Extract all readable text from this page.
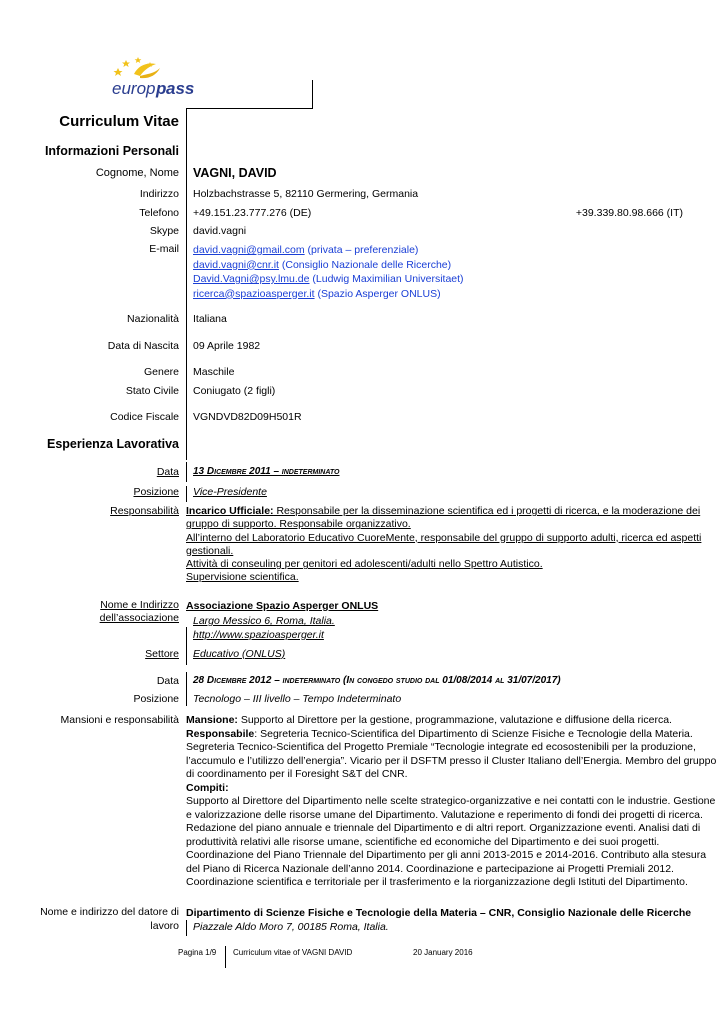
europ p ass
Curriculum Vitae
Informazioni Personali
Cognome, Nome VAGNI, DAVID
Indirizzo Holzbachstrasse 5, 82110 Germering, Germania
Telefono +49.151.23.777.276 (DE)	+39.339.80.98.666 (IT)
Skype david.vagni
E-mail david.vagni@gmail.com (privata – preferenziale)
david.vagni@cnr.it (Consiglio Nazionale delle Ricerche)
David.Vagni@psy.lmu.de (Ludwig Maximilian Universitaet)
ricerca@spazioasperger.it (Spazio Asperger ONLUS)
Nazionalità Italiana
Data di Nascita 09 Aprile 1982
Genere Maschile
Stato Civile Coniugato (2 figli)
Codice Fiscale VGNDVD82D09H501R
Esperienza Lavorativa
Data 13 Dicembre 2011 – indeterminato
Posizione Vice-Presidente
Responsabilità Incarico Ufficiale: Responsabile per la disseminazione scientifica ed i progetti di ricerca, e la moderazione dei
gruppo di supporto. Responsabile organizzativo.
All’interno del Laboratorio Educativo CuoreMente, responsabile del gruppo di supporto adulti, ricerca ed aspetti
gestionali.
Attività di conseuling per genitori ed adolescenti/adulti nello Spettro Autistico.
Supervisione scientifica.
Nome e Indirizzo
dell’associazione
Associazione Spazio Asperger ONLUS
Largo Messico 6, Roma, Italia.
http://www.spazioasperger.it
Settore Educativo (ONLUS)
Data 28 Dicembre 2012 – indeterminato (In congedo studio dal 01/08/2014 al 31/07/2017)
Posizione Tecnologo – III livello – Tempo Indeterminato
Mansioni e responsabilità Mansione: Supporto al Direttore per la gestione, programmazione, valutazione e diffusione della ricerca.
Responsabile: Segreteria Tecnico-Scientifica del Dipartimento di Scienze Fisiche e Tecnologie della Materia.
Segreteria Tecnico-Scientifica del Progetto Premiale “Tecnologie integrate ed ecosostenibili per la produzione,
l’accumulo e l’utilizzo dell’energia”. Vicario per il DSFTM presso il Cluster Italiano dell’Energia. Membro del gruppo
di coordinamento per il Foresight S&T del CNR.
Compiti:
Supporto al Direttore del Dipartimento nelle scelte strategico-organizzative e nei contatti con le industrie. Gestione
e valorizzazione delle risorse umane del Dipartimento. Valutazione e reperimento di fondi dei progetti di ricerca.
Redazione del piano annuale e triennale del Dipartimento e di altri report. Organizzazione eventi. Analisi dati di
produttività relativi alle risorse umane, scientifiche ed economiche del Dipartimento e dei suoi progetti.
Coordinazione del Piano Triennale del Dipartimento per gli anni 2013-2015 e 2014-2016. Contributo alla stesura
del Piano di Ricerca Nazionale dell’anno 2014. Coordinazione e partecipazione ai Progetti Premiali 2012.
Coordinazione scientifica e territoriale per il trasferimento e la riorganizzazione degli Istituti del Dipartimento.
Nome e indirizzo del datore di
lavoro
Dipartimento di Scienze Fisiche e Tecnologie della Materia – CNR, Consiglio Nazionale delle Ricerche
Piazzale Aldo Moro 7, 00185 Roma, Italia.
Pagina 1/9 Curriculum vitae of VAGNI DAVID	20 January 2016
